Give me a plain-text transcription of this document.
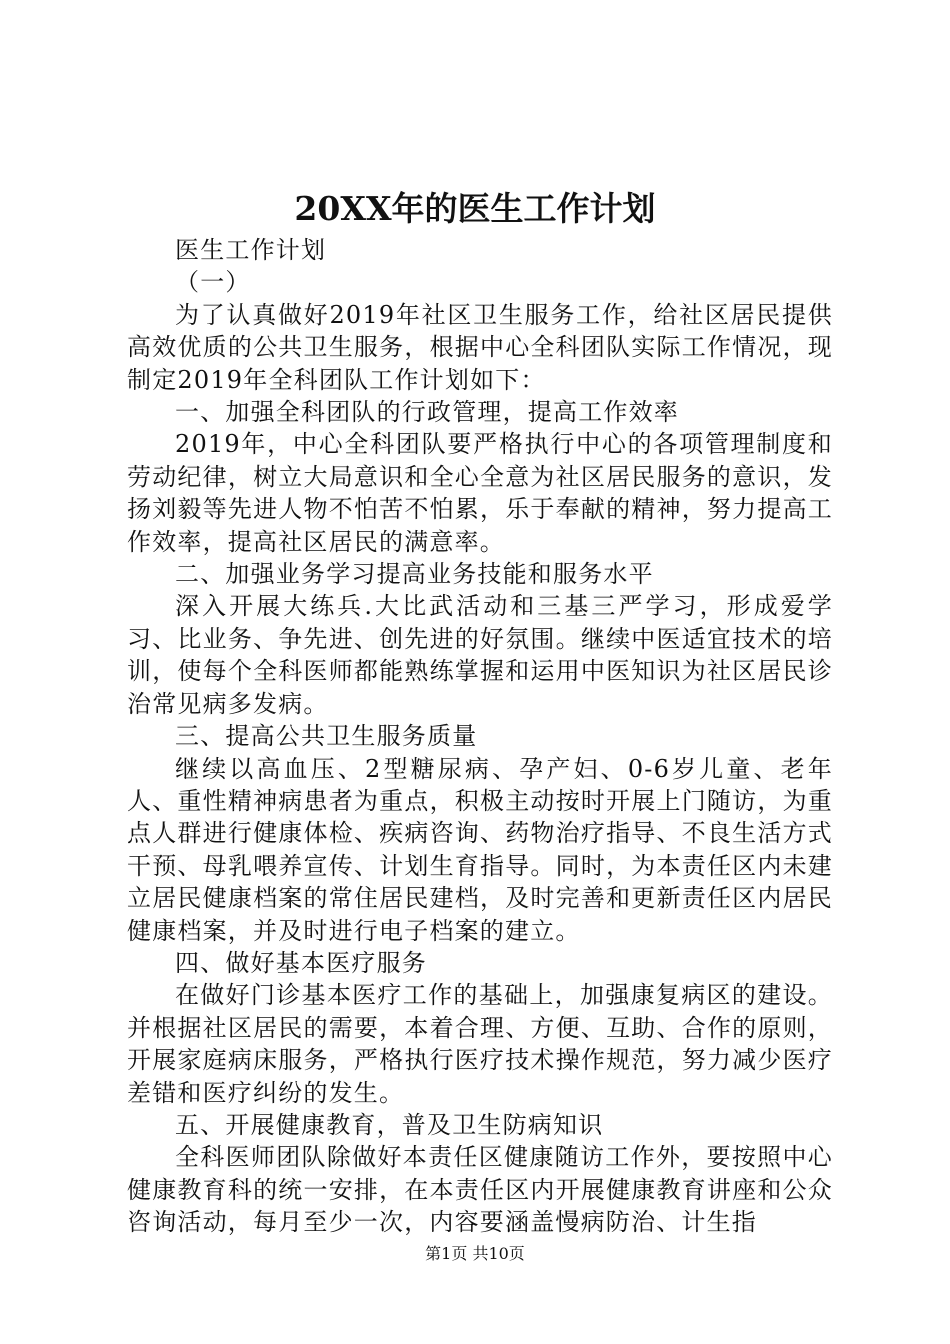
20XX年的医生工作计划

医生工作计划

（一）

为了认真做好2019年社区卫生服务工作，给社区居民提供高效优质的公共卫生服务，根据中心全科团队实际工作情况，现制定2019年全科团队工作计划如下：

一、加强全科团队的行政管理，提高工作效率

2019年，中心全科团队要严格执行中心的各项管理制度和劳动纪律，树立大局意识和全心全意为社区居民服务的意识，发扬刘毅等先进人物不怕苦不怕累，乐于奉献的精神，努力提高工作效率，提高社区居民的满意率。

二、加强业务学习提高业务技能和服务水平

深入开展大练兵.大比武活动和三基三严学习，形成爱学习、比业务、争先进、创先进的好氛围。继续中医适宜技术的培训，使每个全科医师都能熟练掌握和运用中医知识为社区居民诊治常见病多发病。

三、提高公共卫生服务质量

继续以高血压、2型糖尿病、孕产妇、0-6岁儿童、老年人、重性精神病患者为重点，积极主动按时开展上门随访，为重点人群进行健康体检、疾病咨询、药物治疗指导、不良生活方式干预、母乳喂养宣传、计划生育指导。同时，为本责任区内未建立居民健康档案的常住居民建档，及时完善和更新责任区内居民健康档案，并及时进行电子档案的建立。

四、做好基本医疗服务

在做好门诊基本医疗工作的基础上，加强康复病区的建设。并根据社区居民的需要，本着合理、方便、互助、合作的原则，开展家庭病床服务，严格执行医疗技术操作规范，努力减少医疗差错和医疗纠纷的发生。

五、开展健康教育，普及卫生防病知识

全科医师团队除做好本责任区健康随访工作外，要按照中心健康教育科的统一安排，在本责任区内开展健康教育讲座和公众咨询活动，每月至少一次，内容要涵盖慢病防治、计生指

第1页 共10页
